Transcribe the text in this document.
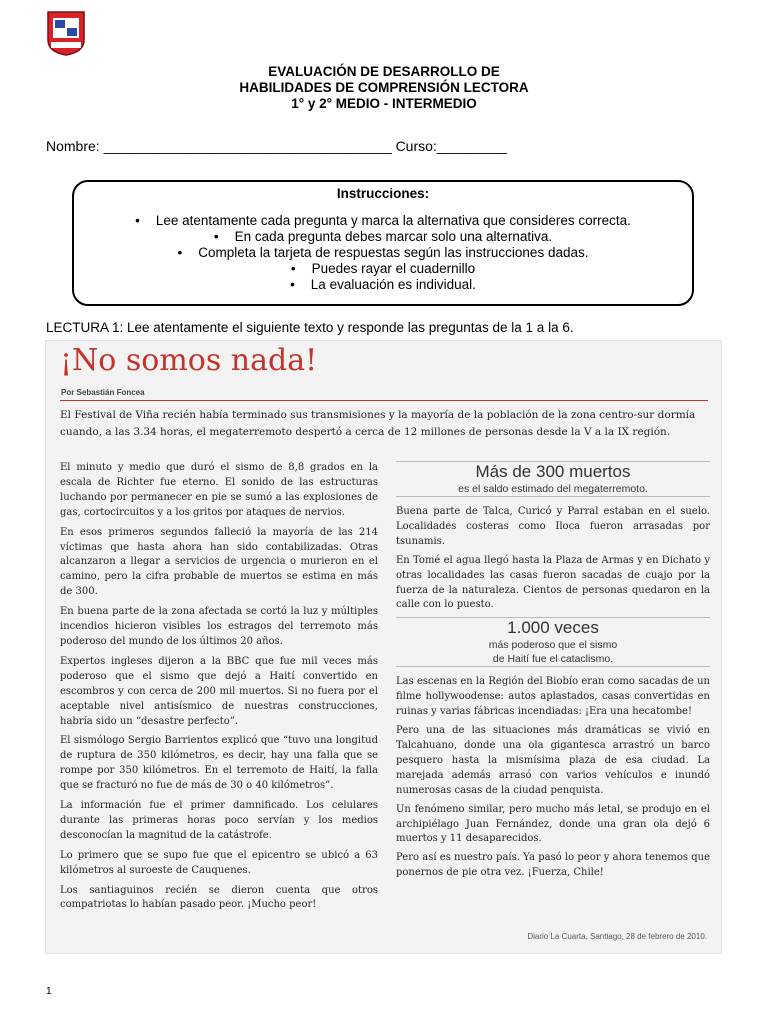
EVALUACIÓN DE DESARROLLO DE
HABILIDADES DE COMPRENSIÓN LECTORA
1° y 2° MEDIO - INTERMEDIO
Nombre: _____________________________________ Curso:_________
Instrucciones:
• Lee atentamente cada pregunta y marca la alternativa que consideres correcta.
• En cada pregunta debes marcar solo una alternativa.
• Completa la tarjeta de respuestas según las instrucciones dadas.
• Puedes rayar el cuadernillo
• La evaluación es individual.
LECTURA 1: Lee atentamente el siguiente texto y responde las preguntas de la 1 a la 6.
¡No somos nada!
Por Sebastián Foncea
El Festival de Viña recién había terminado sus transmisiones y la mayoría de la población de la zona centro-sur dormía cuando, a las 3.34 horas, el megaterremoto despertó a cerca de 12 millones de personas desde la V a la IX región.

El minuto y medio que duró el sismo de 8,8 grados en la escala de Richter fue eterno. El sonido de las estructuras luchando por permanecer en pie se sumó a las explosiones de gas, cortocircuitos y a los gritos por ataques de nervios.

En esos primeros segundos falleció la mayoría de las 214 víctimas que hasta ahora han sido contabilizadas. Otras alcanzaron a llegar a servicios de urgencia o murieron en el camino, pero la cifra probable de muertos se estima en más de 300.

En buena parte de la zona afectada se cortó la luz y múltiples incendios hicieron visibles los estragos del terremoto más poderoso del mundo de los últimos 20 años.

Expertos ingleses dijeron a la BBC que fue mil veces más poderoso que el sismo que dejó a Haití convertido en escombros y con cerca de 200 mil muertos. Si no fuera por el aceptable nivel antisísmico de nuestras construcciones, habría sido un “desastre perfecto”.

El sismólogo Sergio Barrientos explicó que “tuvo una longitud de ruptura de 350 kilómetros, es decir, hay una falla que se rompe por 350 kilómetros. En el terremoto de Haití, la falla que se fracturó no fue de más de 30 o 40 kilómetros”.

La información fue el primer damnificado. Los celulares durante las primeras horas poco servían y los medios desconocían la magnitud de la catástrofe.

Lo primero que se supo fue que el epicentro se ubicó a 63 kilómetros al suroeste de Cauquenes.

Los santiaguinos recién se dieron cuenta que otros compatriotas lo habían pasado peor. ¡Mucho peor!

Más de 300 muertos
es el saldo estimado del megaterremoto.

Buena parte de Talca, Curicó y Parral estaban en el suelo. Localidades costeras como Iloca fueron arrasadas por tsunamis.

En Tomé el agua llegó hasta la Plaza de Armas y en Dichato y otras localidades las casas fueron sacadas de cuajo por la fuerza de la naturaleza. Cientos de personas quedaron en la calle con lo puesto.

1.000 veces
más poderoso que el sismo
de Haití fue el cataclismo.

Las escenas en la Región del Biobío eran como sacadas de un filme hollywoodense: autos aplastados, casas convertidas en ruinas y varias fábricas incendiadas: ¡Era una hecatombe!

Pero una de las situaciones más dramáticas se vivió en Talcahuano, donde una ola gigantesca arrastró un barco pesquero hasta la mismísima plaza de esa ciudad. La marejada además arrasó con varios vehículos e inundó numerosas casas de la ciudad penquista.

Un fenómeno similar, pero mucho más letal, se produjo en el archipiélago Juan Fernández, donde una gran ola dejó 6 muertos y 11 desaparecidos.

Pero así es nuestro país. Ya pasó lo peor y ahora tenemos que ponernos de pie otra vez. ¡Fuerza, Chile!

Diario La Cuarta, Santiago, 28 de febrero de 2010.
1
